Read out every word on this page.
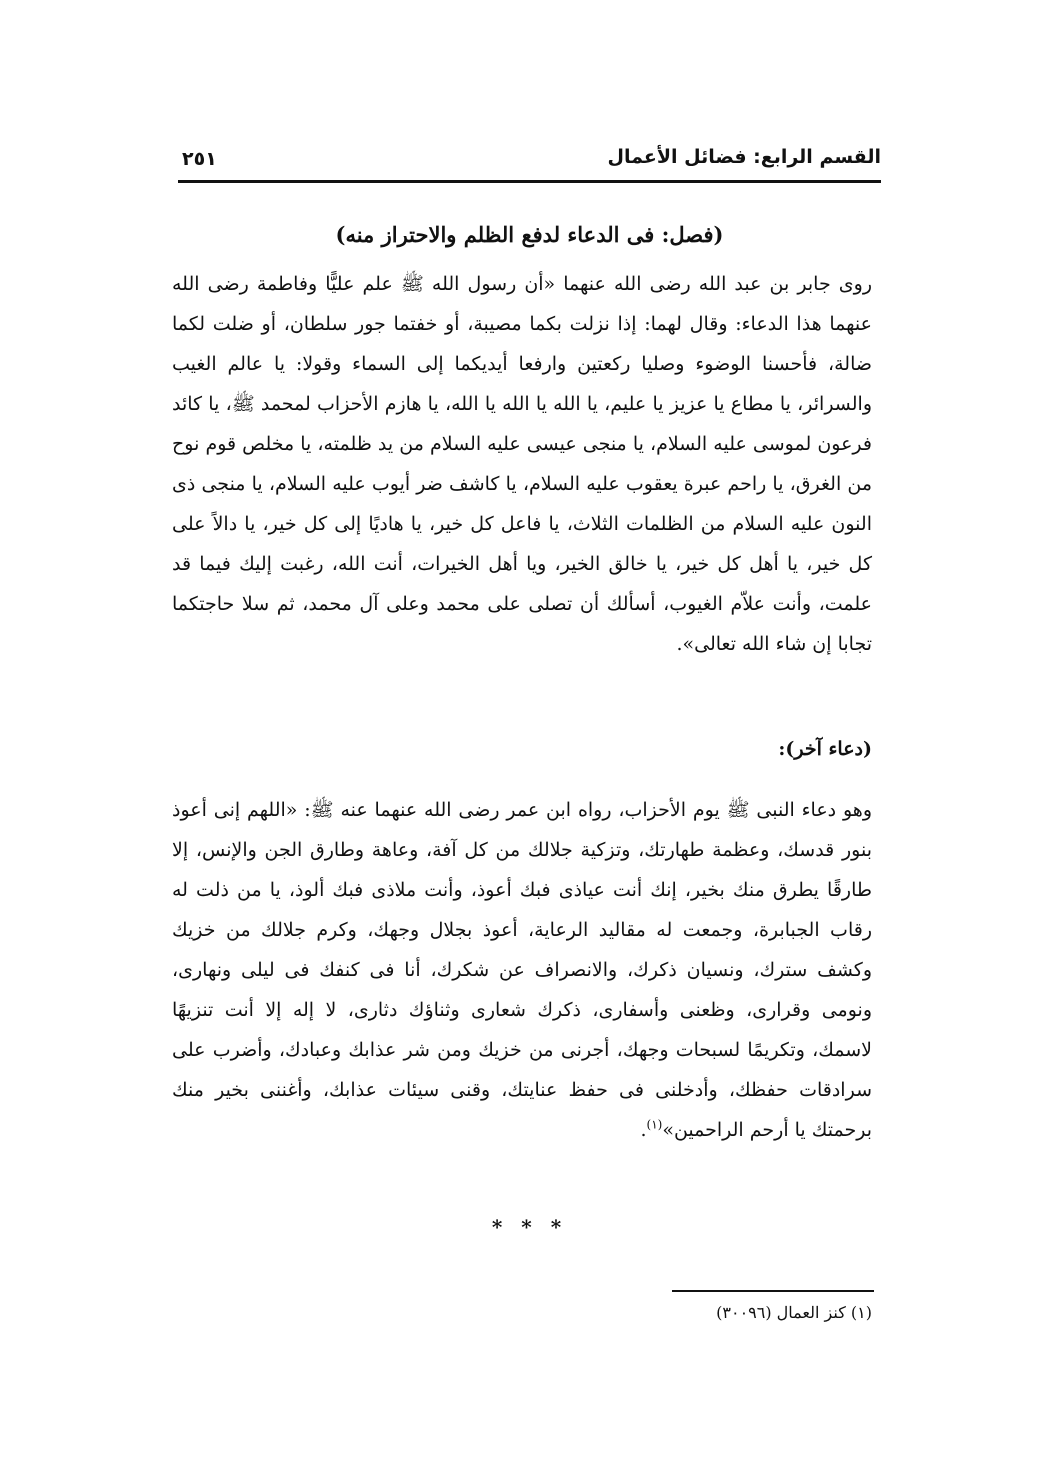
القسم الرابع: فضائل الأعمال
٢٥١
(فصل: فى الدعاء لدفع الظلم والاحتراز منه)
روى جابر بن عبد الله رضى الله عنهما «أن رسول الله ﷺ علم عليًّا وفاطمة رضى الله عنهما هذا الدعاء: وقال لهما: إذا نزلت بكما مصيبة، أو خفتما جور سلطان، أو ضلت لكما ضالة، فأحسنا الوضوء وصليا ركعتين وارفعا أيديكما إلى السماء وقولا: يا عالم الغيب والسرائر، يا مطاع يا عزيز يا عليم، يا الله يا الله يا الله، يا هازم الأحزاب لمحمد ﷺ، يا كائد فرعون لموسى عليه السلام، يا منجى عيسى عليه السلام من يد ظلمته، يا مخلص قوم نوح من الغرق، يا راحم عبرة يعقوب عليه السلام، يا كاشف ضر أيوب عليه السلام، يا منجى ذى النون عليه السلام من الظلمات الثلاث، يا فاعل كل خير، يا هاديًا إلى كل خير، يا دالاً على كل خير، يا أهل كل خير، يا خالق الخير، ويا أهل الخيرات، أنت الله، رغبت إليك فيما قد علمت، وأنت علاّم الغيوب، أسألك أن تصلى على محمد وعلى آل محمد، ثم سلا حاجتكما تجابا إن شاء الله تعالى».
(دعاء آخر):
وهو دعاء النبى ﷺ يوم الأحزاب، رواه ابن عمر رضى الله عنهما عنه ﷺ: «اللهم إنى أعوذ بنور قدسك، وعظمة طهارتك، وتزكية جلالك من كل آفة، وعاهة وطارق الجن والإنس، إلا طارقًا يطرق منك بخير، إنك أنت عياذى فبك أعوذ، وأنت ملاذى فبك ألوذ، يا من ذلت له رقاب الجبابرة، وجمعت له مقاليد الرعاية، أعوذ بجلال وجهك، وكرم جلالك من خزيك وكشف سترك، ونسيان ذكرك، والانصراف عن شكرك، أنا فى كنفك فى ليلى ونهارى، ونومى وقرارى، وظعنى وأسفارى، ذكرك شعارى وثناؤك دثارى، لا إله إلا أنت تنزيهًا لاسمك، وتكريمًا لسبحات وجهك، أجرنى من خزيك ومن شر عذابك وعبادك، وأضرب على سرادقات حفظك، وأدخلنى فى حفظ عنايتك، وقنى سيئات عذابك، وأغننى بخير منك برحمتك يا أرحم الراحمين»$^{(١)}$.
* * *
(١) كنز العمال (٣٠٠٩٦)
